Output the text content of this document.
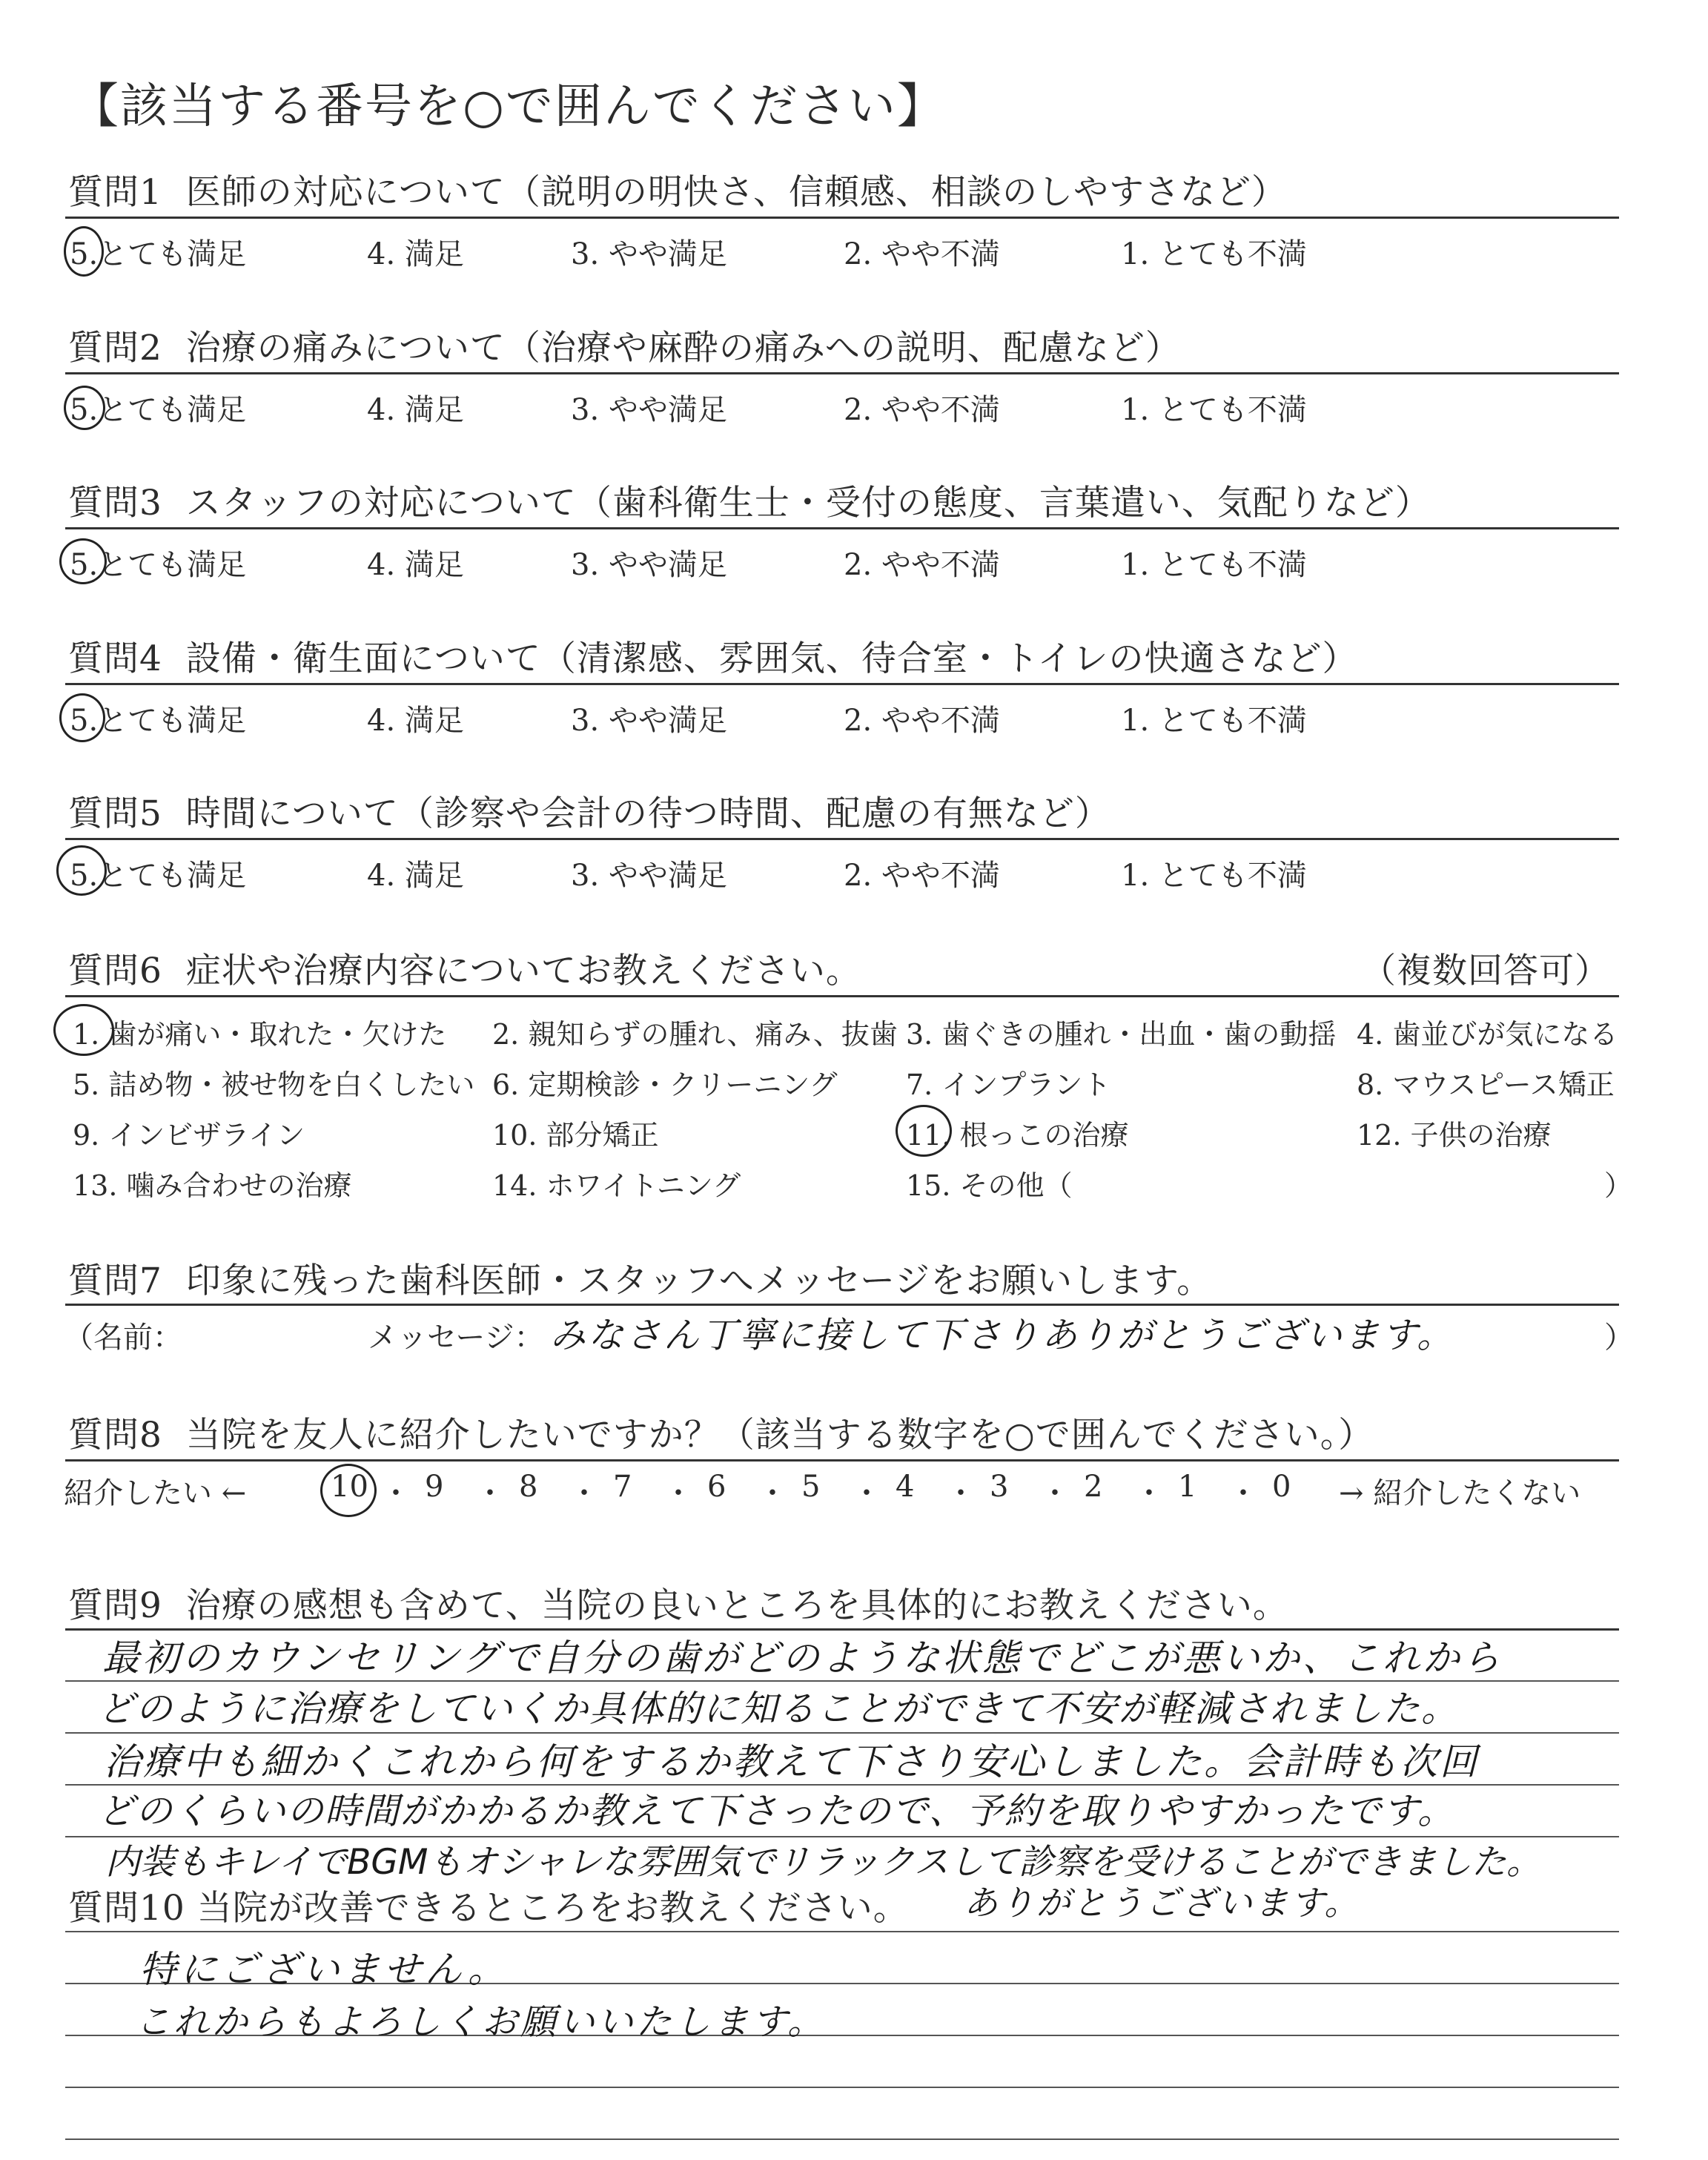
【該当する番号を○で囲んでください】
質問1 医師の対応について（説明の明快さ、信頼感、相談のしやすさなど）
5.とても満足	4. 満足	3. やや満足	2. やや不満	1. とても不満
質問2 治療の痛みについて（治療や麻酔の痛みへの説明、配慮など）
5.とても満足	4. 満足	3. やや満足	2. やや不満	1. とても不満
質問3 スタッフの対応について（歯科衛生士・受付の態度、言葉遣い、気配りなど）
5.とても満足	4. 満足	3. やや満足	2. やや不満	1. とても不満
質問4 設備・衛生面について（清潔感、雰囲気、待合室・トイレの快適さなど）
5.とても満足	4. 満足	3. やや満足	2. やや不満	1. とても不満
質問5 時間について（診察や会計の待つ時間、配慮の有無など）
5.とても満足	4. 満足	3. やや満足	2. やや不満	1. とても不満
質問6 症状や治療内容についてお教えください。	（複数回答可）
1. 歯が痛い・取れた・欠けた 2. 親知らずの腫れ、痛み、抜歯 3. 歯ぐきの腫れ・出血・歯の動揺 4. 歯並びが気になる
5. 詰め物・被せ物を白くしたい 6. 定期検診・クリーニング 7. インプラント	8. マウスピース矯正
9. インビザライン	10. 部分矯正	11. 根っこの治療	12. 子供の治療
13. 噛み合わせの治療	14. ホワイトニング	15. その他（	）
質問7 印象に残った歯科医師・スタッフへメッセージをお願いします。
（名前：	メッセージ： みなさん丁寧に接して下さりありがとうございます。	）
質問8 当院を友人に紹介したいですか？（該当する数字を○で囲んでください。）
紹介したい ←	→ 紹介したくない
10 ・ 9 ・ 8 ・ 7 ・ 6 ・ 5 ・ 4 ・ 3 ・ 2 ・ 1 ・ 0
質問9 治療の感想も含めて、当院の良いところを具体的にお教えください。
最初のカウンセリングで自分の歯がどのような状態でどこが悪いか、これから
どのように治療をしていくか具体的に知ることができて不安が軽減されました。
治療中も細かくこれから何をするか教えて下さり安心しました。会計時も次回
どのくらいの時間がかかるか教えて下さったので、予約を取りやすかったです。
内装もキレイでBGMもオシャレな雰囲気でリラックスして診察を受けることができました。
ありがとうございます。
質問10 当院が改善できるところをお教えください。
特にございません。
これからもよろしくお願いいたします。
